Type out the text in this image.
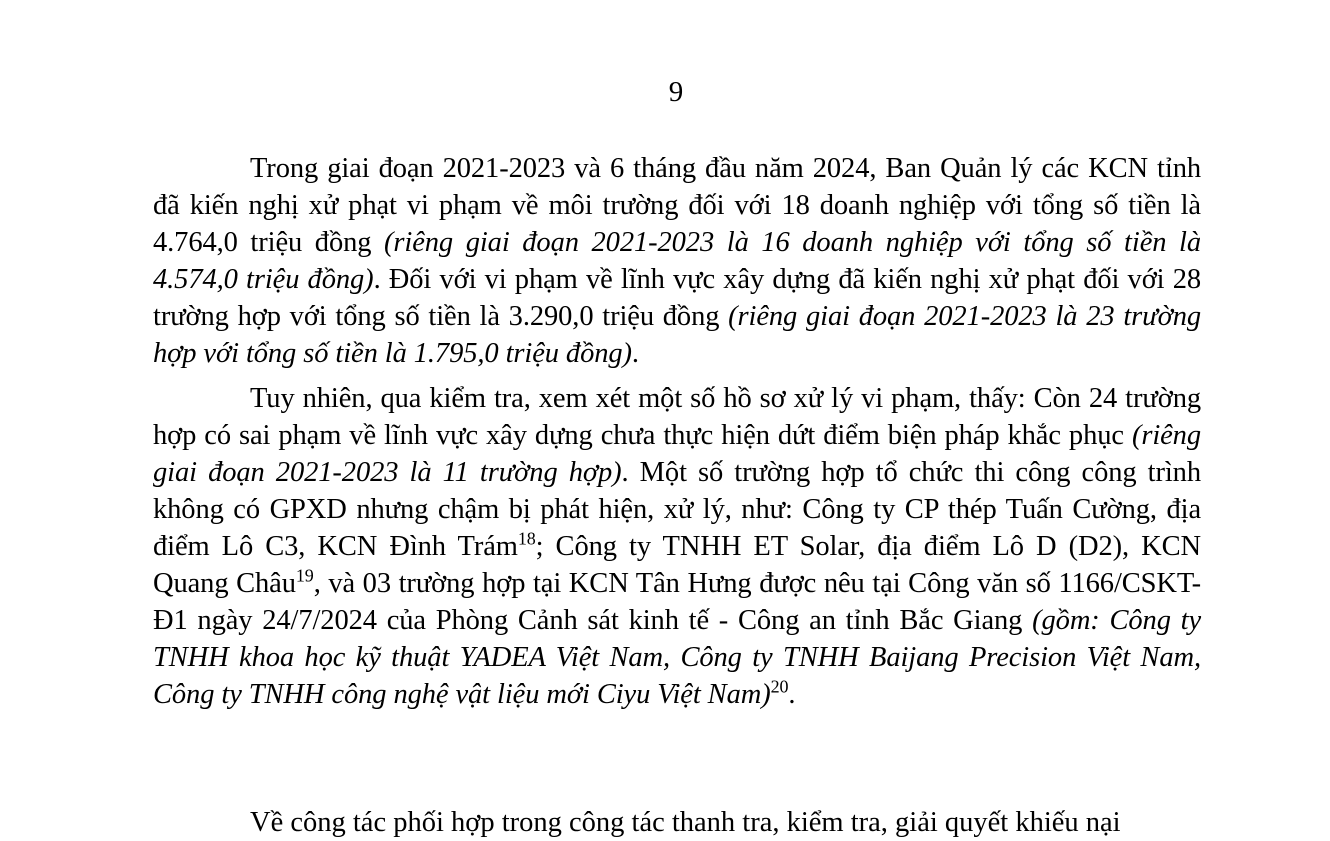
9

Trong giai đoạn 2021-2023 và 6 tháng đầu năm 2024, Ban Quản lý các KCN tỉnh đã kiến nghị xử phạt vi phạm về môi trường đối với 18 doanh nghiệp với tổng số tiền là 4.764,0 triệu đồng (riêng giai đoạn 2021-2023 là 16 doanh nghiệp với tổng số tiền là 4.574,0 triệu đồng). Đối với vi phạm về lĩnh vực xây dựng đã kiến nghị xử phạt đối với 28 trường hợp với tổng số tiền là 3.290,0 triệu đồng (riêng giai đoạn 2021-2023 là 23 trường hợp với tổng số tiền là 1.795,0 triệu đồng).

Tuy nhiên, qua kiểm tra, xem xét một số hồ sơ xử lý vi phạm, thấy: Còn 24 trường hợp có sai phạm về lĩnh vực xây dựng chưa thực hiện dứt điểm biện pháp khắc phục (riêng giai đoạn 2021-2023 là 11 trường hợp). Một số trường hợp tổ chức thi công công trình không có GPXD nhưng chậm bị phát hiện, xử lý, như: Công ty CP thép Tuấn Cường, địa điểm Lô C3, KCN Đình Trám$^{18}$; Công ty TNHH ET Solar, địa điểm Lô D (D2), KCN Quang Châu$^{19}$, và 03 trường hợp tại KCN Tân Hưng được nêu tại Công văn số 1166/CSKT-Đ1 ngày 24/7/2024 của Phòng Cảnh sát kinh tế - Công an tỉnh Bắc Giang (gồm: Công ty TNHH khoa học kỹ thuật YADEA Việt Nam, Công ty TNHH Baijang Precision Việt Nam, Công ty TNHH công nghệ vật liệu mới Ciyu Việt Nam)$^{20}$.

Về công tác phối hợp trong công tác thanh tra, kiểm tra, giải quyết khiếu nại
